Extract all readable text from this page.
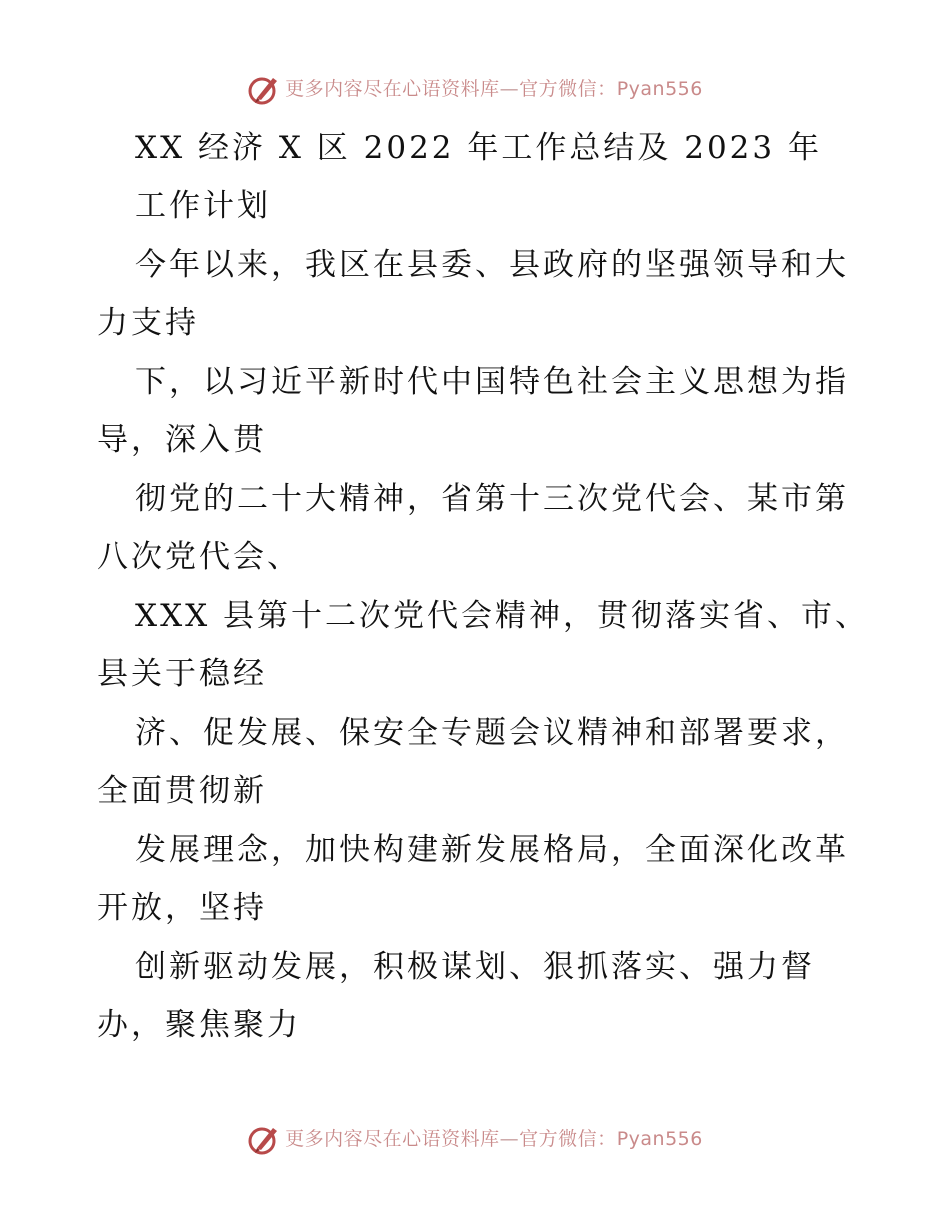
更多内容尽在心语资料库—官方微信：Pyan556
XX 经济 X 区 2022 年工作总结及 2023 年
工作计划
今年以来，我区在县委、县政府的坚强领导和大
力支持
下，以习近平新时代中国特色社会主义思想为指
导，深入贯
彻党的二十大精神，省第十三次党代会、某市第
八次党代会、
XXX 县第十二次党代会精神，贯彻落实省、市、
县关于稳经
济、促发展、保安全专题会议精神和部署要求，
全面贯彻新
发展理念，加快构建新发展格局，全面深化改革
开放，坚持
创新驱动发展，积极谋划、狠抓落实、强力督
办，聚焦聚力
更多内容尽在心语资料库—官方微信：Pyan556
